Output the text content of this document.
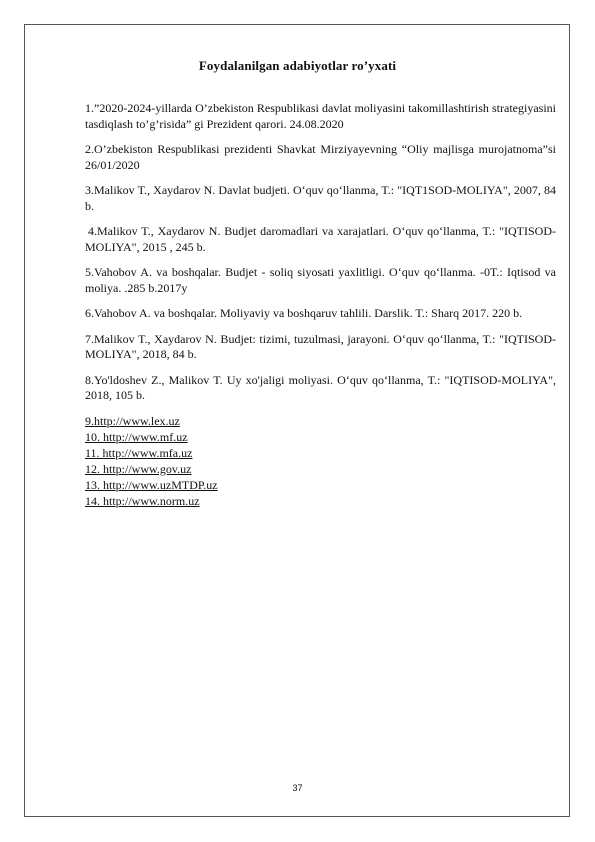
Foydalanilgan adabiyotlar ro’yxati

1.”2020-2024-yillarda O’zbekiston Respublikasi davlat moliyasini takomillashtirish strategiyasini tasdiqlash to’g’risida” gi Prezident qarori. 24.08.2020

2.O’zbekiston Respublikasi prezidenti Shavkat Mirziyayevning “Oliy majlisga murojatnoma”si 26/01/2020

3.Malikov T., Xaydarov N. Davlat budjeti. O‘quv qo‘llanma, T.: "IQT1SOD-MOLIYA", 2007, 84 b.

4.Malikov T., Xaydarov N. Budjet daromadlari va xarajatlari. O‘quv qo‘llanma, T.: "IQTISOD-MOLIYA", 2015 , 245 b.

5.Vahobov A. va boshqalar. Budjet - soliq siyosati yaxlitligi. O‘quv qo‘llanma. -0T.: Iqtisod va moliya. .285 b.2017y

6.Vahobov A. va boshqalar. Moliyaviy va boshqaruv tahlili. Darslik. T.: Sharq 2017. 220 b.

7.Malikov T., Xaydarov N. Budjet: tizimi, tuzulmasi, jarayoni. O‘quv qo‘llanma, T.: "IQTISOD-MOLIYA", 2018, 84 b.

8.Yo'ldoshev Z., Malikov T. Uy xo'jaligi moliyasi. O‘quv qo‘llanma, T.: "IQTISOD-MOLIYA", 2018, 105 b.

9.http://www.lex.uz
10. http://www.mf.uz
11. http://www.mfa.uz
12. http://www.gov.uz
13. http://www.uzMTDP.uz
14. http://www.norm.uz
37
